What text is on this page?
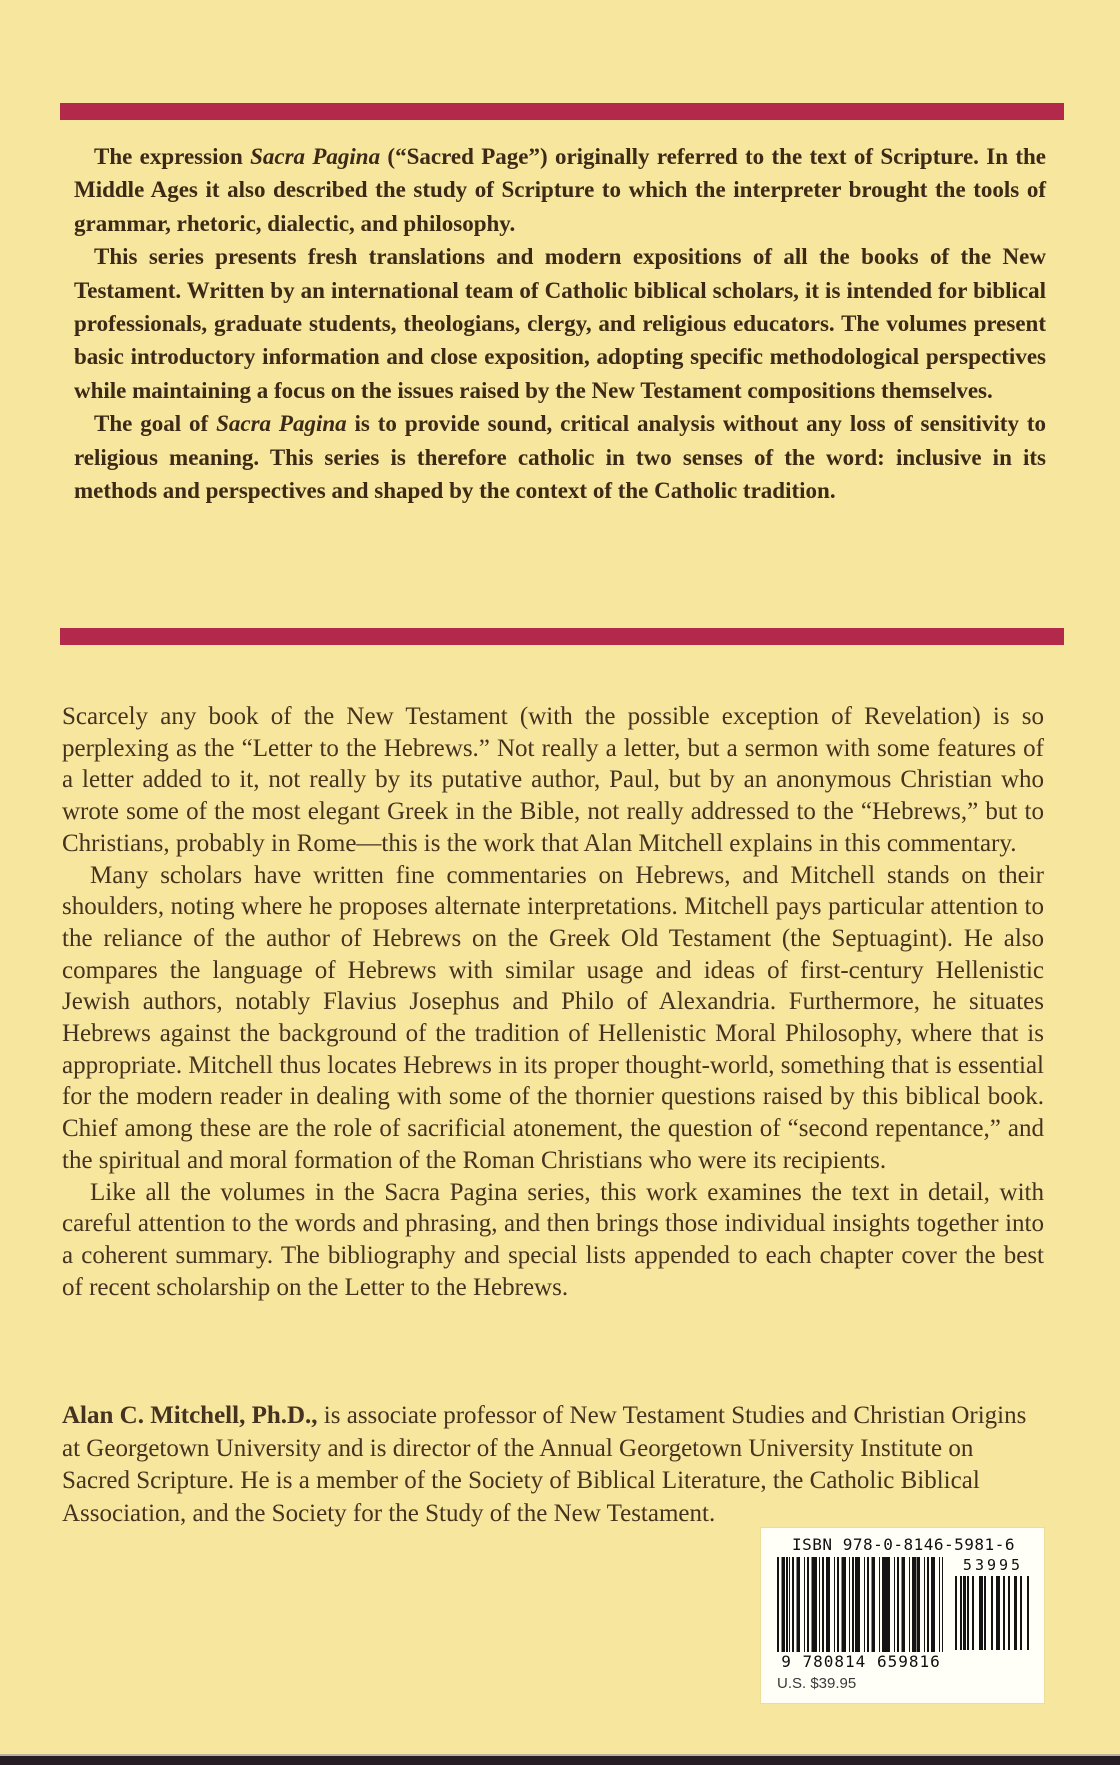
The expression Sacra Pagina (“Sacred Page”) originally referred to the text of Scripture. In the Middle Ages it also described the study of Scripture to which the interpreter brought the tools of grammar, rhetoric, dialectic, and philosophy.
This series presents fresh translations and modern expositions of all the books of the New Testament. Written by an international team of Catholic biblical scholars, it is intended for biblical professionals, graduate students, theologians, clergy, and religious educators. The volumes present basic introductory information and close exposition, adopting specific methodological perspectives while maintaining a focus on the issues raised by the New Testament compositions themselves.
The goal of Sacra Pagina is to provide sound, critical analysis without any loss of sensitivity to religious meaning. This series is therefore catholic in two senses of the word: inclusive in its methods and perspectives and shaped by the context of the Catholic tradition.
Scarcely any book of the New Testament (with the possible exception of Revelation) is so perplexing as the “Letter to the Hebrews.” Not really a letter, but a sermon with some features of a letter added to it, not really by its putative author, Paul, but by an anonymous Christian who wrote some of the most elegant Greek in the Bible, not really addressed to the “Hebrews,” but to Christians, probably in Rome—this is the work that Alan Mitchell explains in this commentary.
Many scholars have written fine commentaries on Hebrews, and Mitchell stands on their shoulders, noting where he proposes alternate interpretations. Mitchell pays particular attention to the reliance of the author of Hebrews on the Greek Old Testament (the Septuagint). He also compares the language of Hebrews with similar usage and ideas of first-century Hellenistic Jewish authors, notably Flavius Josephus and Philo of Alexandria. Furthermore, he situates Hebrews against the background of the tradition of Hellenistic Moral Philosophy, where that is appropriate. Mitchell thus locates Hebrews in its proper thought-world, something that is essential for the modern reader in dealing with some of the thornier questions raised by this biblical book. Chief among these are the role of sacrificial atonement, the question of “second repentance,” and the spiritual and moral formation of the Roman Christians who were its recipients.
Like all the volumes in the Sacra Pagina series, this work examines the text in detail, with careful attention to the words and phrasing, and then brings those individual insights together into a coherent summary. The bibliography and special lists appended to each chapter cover the best of recent scholarship on the Letter to the Hebrews.
ISBN 978-0-8146-5981-6
9 780814 659816
53995
U.S. $39.95
Alan C. Mitchell, Ph.D., is associate professor of New Testament Studies and Christian Origins at Georgetown University and is director of the Annual Georgetown University Institute on Sacred Scripture. He is a member of the Society of Biblical Literature, the Catholic Biblical Association, and the Society for the Study of the New Testament.
